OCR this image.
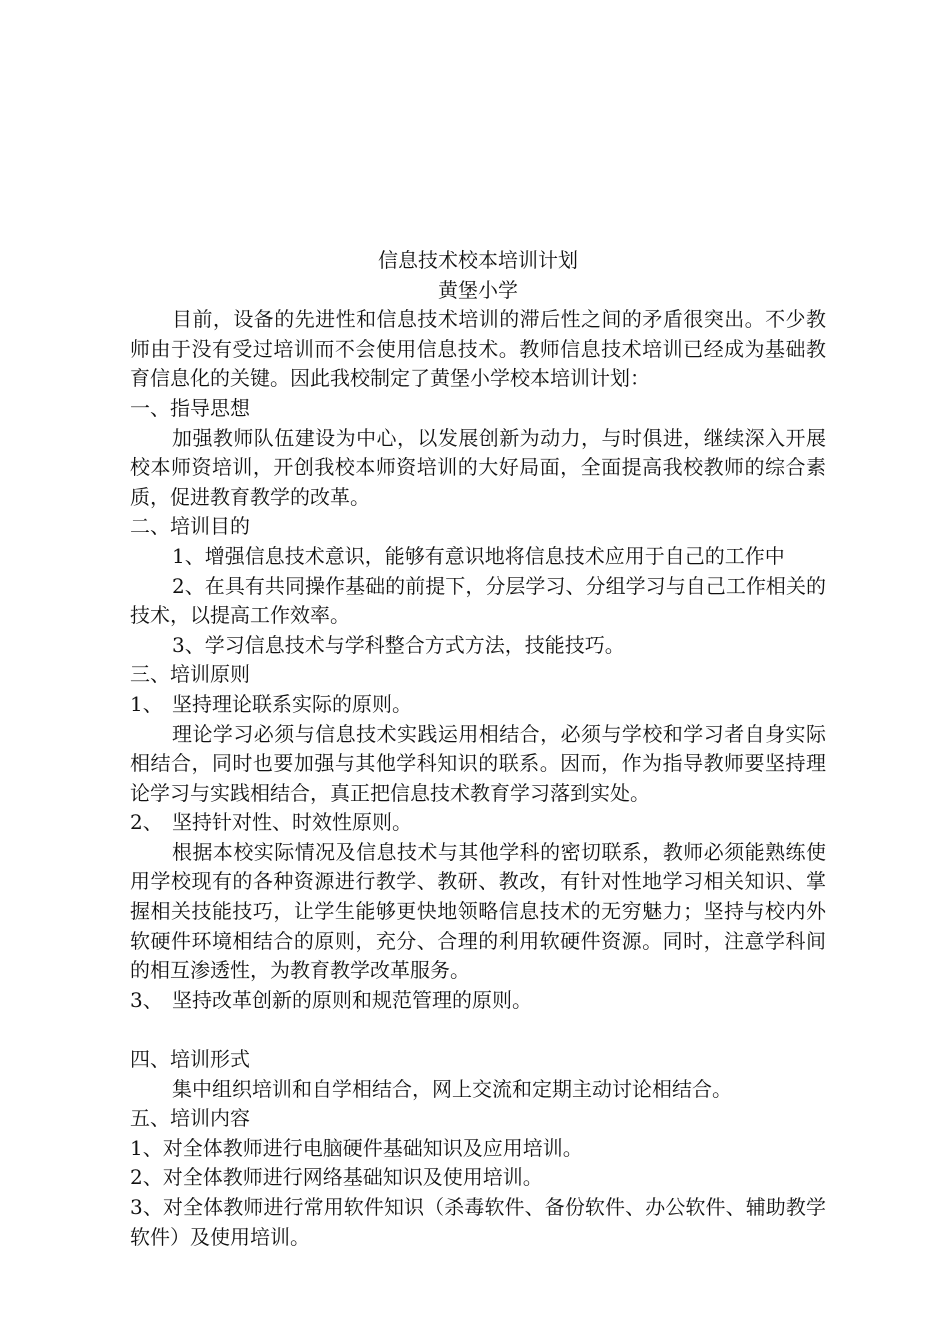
信息技术校本培训计划
黄堡小学

目前，设备的先进性和信息技术培训的滞后性之间的矛盾很突出。不少教师由于没有受过培训而不会使用信息技术。教师信息技术培训已经成为基础教育信息化的关键。因此我校制定了黄堡小学校本培训计划：

一、指导思想

加强教师队伍建设为中心，以发展创新为动力，与时俱进，继续深入开展校本师资培训，开创我校本师资培训的大好局面，全面提高我校教师的综合素质，促进教育教学的改革。

二、培训目的

1、增强信息技术意识，能够有意识地将信息技术应用于自己的工作中

2、在具有共同操作基础的前提下，分层学习、分组学习与自己工作相关的技术，以提高工作效率。

3、学习信息技术与学科整合方式方法，技能技巧。

三、培训原则

1、 坚持理论联系实际的原则。

理论学习必须与信息技术实践运用相结合，必须与学校和学习者自身实际相结合，同时也要加强与其他学科知识的联系。因而，作为指导教师要坚持理论学习与实践相结合，真正把信息技术教育学习落到实处。

2、 坚持针对性、时效性原则。

根据本校实际情况及信息技术与其他学科的密切联系，教师必须能熟练使用学校现有的各种资源进行教学、教研、教改，有针对性地学习相关知识、掌握相关技能技巧，让学生能够更快地领略信息技术的无穷魅力；坚持与校内外软硬件环境相结合的原则，充分、合理的利用软硬件资源。同时，注意学科间的相互渗透性，为教育教学改革服务。

3、 坚持改革创新的原则和规范管理的原则。

四、培训形式

集中组织培训和自学相结合，网上交流和定期主动讨论相结合。

五、培训内容

1、对全体教师进行电脑硬件基础知识及应用培训。

2、对全体教师进行网络基础知识及使用培训。

3、对全体教师进行常用软件知识（杀毒软件、备份软件、办公软件、辅助教学软件）及使用培训。
